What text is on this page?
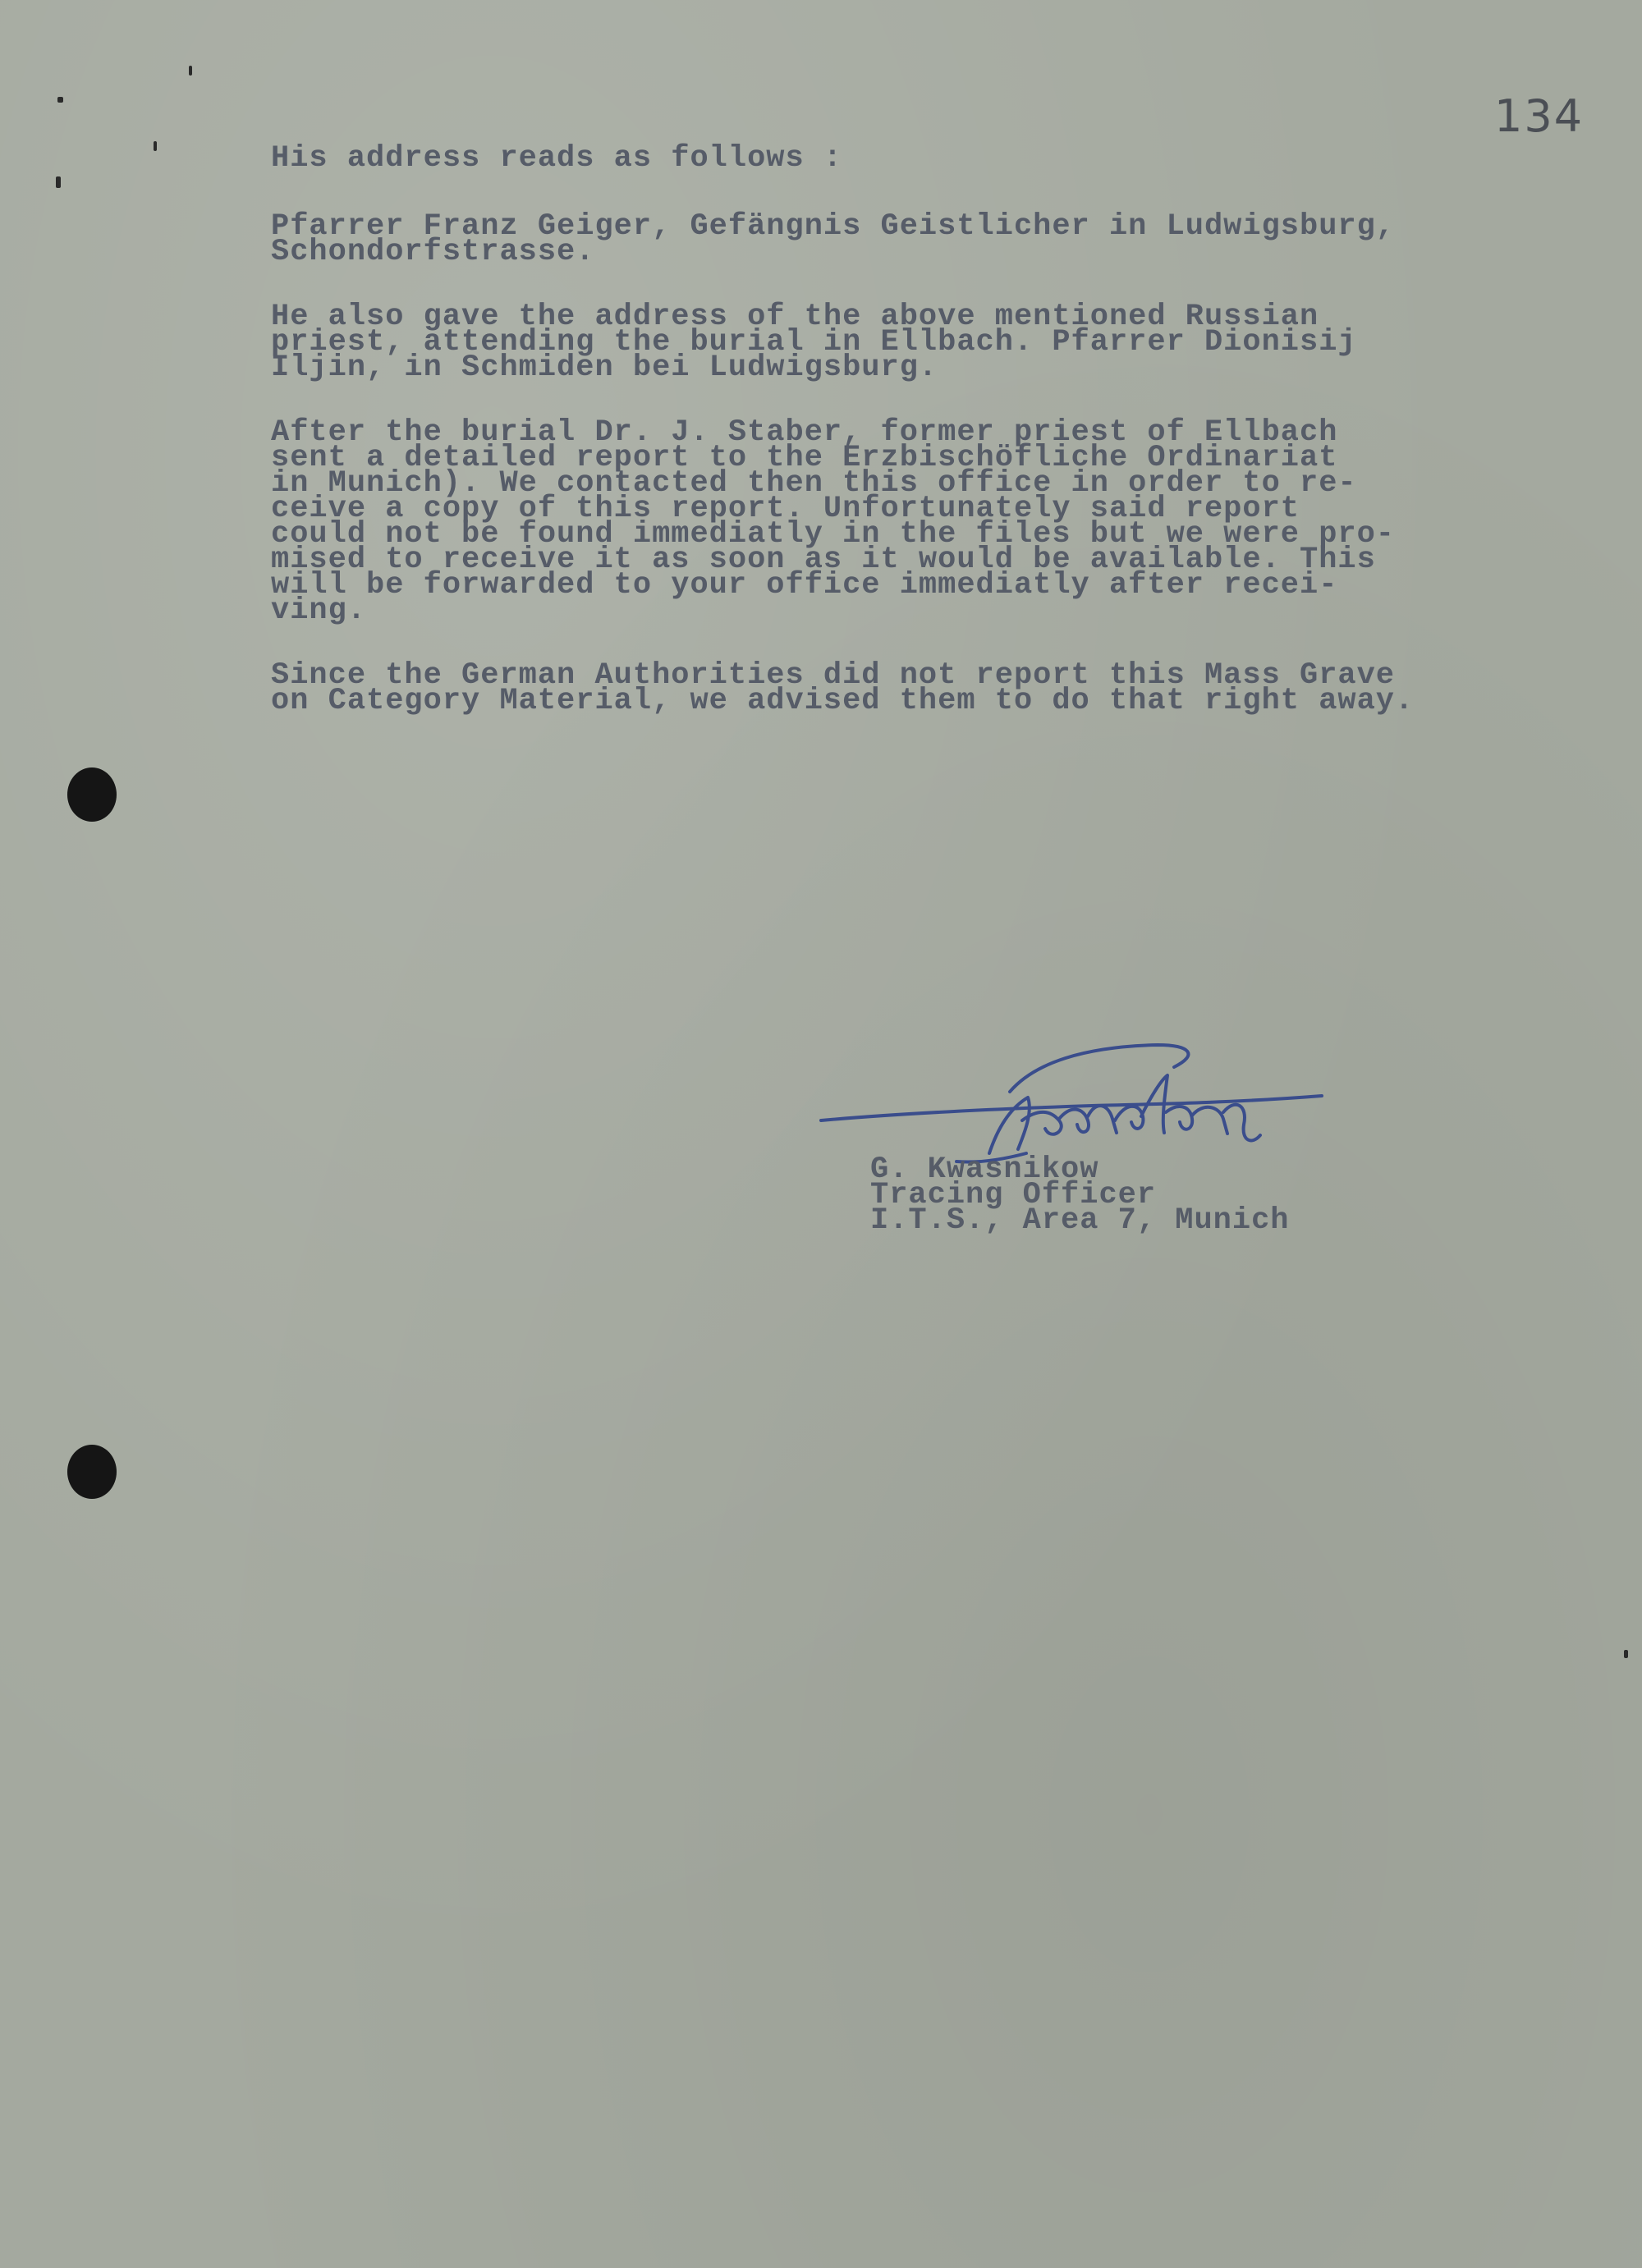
134

His address reads as follows :

Pfarrer Franz Geiger, Gefängnis Geistlicher in Ludwigsburg,
Schondorfstrasse.

He also gave the address of the above mentioned Russian
priest, attending the burial in Ellbach. Pfarrer Dionisij
Iljin, in Schmiden bei Ludwigsburg.

After the burial Dr. J. Staber, former priest of Ellbach
sent a detailed report to the Erzbischöfliche Ordinariat
in Munich). We contacted then this office in order to re-
ceive a copy of this report. Unfortunately said report
could not be found immediatly in the files but we were pro-
mised to receive it as soon as it would be available. This
will be forwarded to your office immediatly after recei-
ving.

Since the German Authorities did not report this Mass Grave
on Category Material, we advised them to do that right away.

G. Kwasnikow

Tracing Officer

I.T.S., Area 7, Munich
